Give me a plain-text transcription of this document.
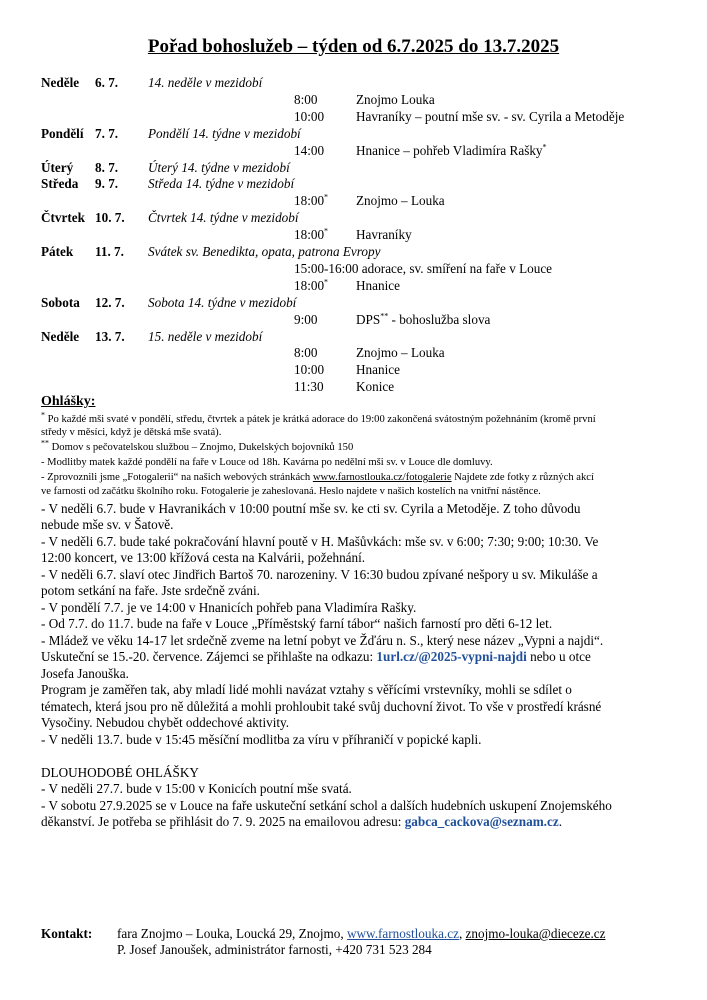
Pořad bohoslužeb – týden od 6.7.2025 do 13.7.2025
Neděle 6. 7. 14. neděle v mezidobí
8:00	Znojmo Louka
10:00 Havraníky – poutní mše sv. - sv. Cyrila a Metoděje
Pondělí 7. 7. Pondělí 14. týdne v mezidobí
14:00 Hnanice – pohřeb Vladimíra Rašky*
Úterý 8. 7. Úterý 14. týdne v mezidobí
Středa 9. 7. Středa 14. týdne v mezidobí
18:00* Znojmo – Louka
Čtvrtek 10. 7. Čtvrtek 14. týdne v mezidobí
18:00* Havraníky
Pátek 11. 7. Svátek sv. Benedikta, opata, patrona Evropy
15:00-16:00 adorace, sv. smíření na faře v Louce
18:00* Hnanice
Sobota 12. 7. Sobota 14. týdne v mezidobí
9:00	DPS** - bohoslužba slova
Neděle 13. 7. 15. neděle v mezidobí
8:00	Znojmo – Louka
10:00 Hnanice
11:30 Konice
Ohlášky:
* Po každé mši svaté v pondělí, středu, čtvrtek a pátek je krátká adorace do 19:00 zakončená svátostným požehnáním (kromě první
středy v měsíci, když je dětská mše svatá).
** Domov s pečovatelskou službou – Znojmo, Dukelských bojovníků 150
- Modlitby matek každé pondělí na faře v Louce od 18h. Kavárna po nedělní mši sv. v Louce dle domluvy.
- Zprovoznili jsme „Fotogalerii“ na našich webových stránkách www.farnostlouka.cz/fotogalerie Najdete zde fotky z různých akcí
ve farnosti od začátku školního roku. Fotogalerie je zaheslovaná. Heslo najdete v našich kostelích na vnitřní nástěnce.
- V neděli 6.7. bude v Havranikách v 10:00 poutní mše sv. ke cti sv. Cyrila a Metoděje. Z toho důvodu
nebude mše sv. v Šatově.
- V neděli 6.7. bude také pokračování hlavní poutě v H. Mašůvkách: mše sv. v 6:00; 7:30; 9:00; 10:30. Ve
12:00 koncert, ve 13:00 křížová cesta na Kalvárii, požehnání.
- V neděli 6.7. slaví otec Jindřich Bartoš 70. narozeniny. V 16:30 budou zpívané nešpory u sv. Mikuláše a
potom setkání na faře. Jste srdečně zváni.
- V pondělí 7.7. je ve 14:00 v Hnanicích pohřeb pana Vladimíra Rašky.
- Od 7.7. do 11.7. bude na faře v Louce „Příměstský farní tábor“ našich farností pro děti 6-12 let.
- Mládež ve věku 14-17 let srdečně zveme na letní pobyt ve Žďáru n. S., který nese název „Vypni a najdi“.
Uskuteční se 15.-20. července. Zájemci se přihlašte na odkazu: 1url.cz/@2025-vypni-najdi nebo u otce
Josefa Janouška.
Program je zaměřen tak, aby mladí lidé mohli navázat vztahy s věřícími vrstevníky, mohli se sdílet o
tématech, která jsou pro ně důležitá a mohli prohloubit také svůj duchovní život. To vše v prostředí krásné
Vysočiny. Nebudou chybět oddechové aktivity.
- V neděli 13.7. bude v 15:45 měsíční modlitba za víru v příhraničí v popické kapli.
DLOUHODOBÉ OHLÁŠKY
- V neděli 27.7. bude v 15:00 v Konicích poutní mše svatá.
- V sobotu 27.9.2025 se v Louce na faře uskuteční setkání schol a dalších hudebních uskupení Znojemského
děkanství. Je potřeba se přihlásit do 7. 9. 2025 na emailovou adresu: gabca_cackova@seznam.cz.
Kontakt: fara Znojmo – Louka, Loucká 29, Znojmo, www.farnostlouka.cz, znojmo-louka@dieceze.cz
P. Josef Janoušek, administrátor farnosti, +420 731 523 284
